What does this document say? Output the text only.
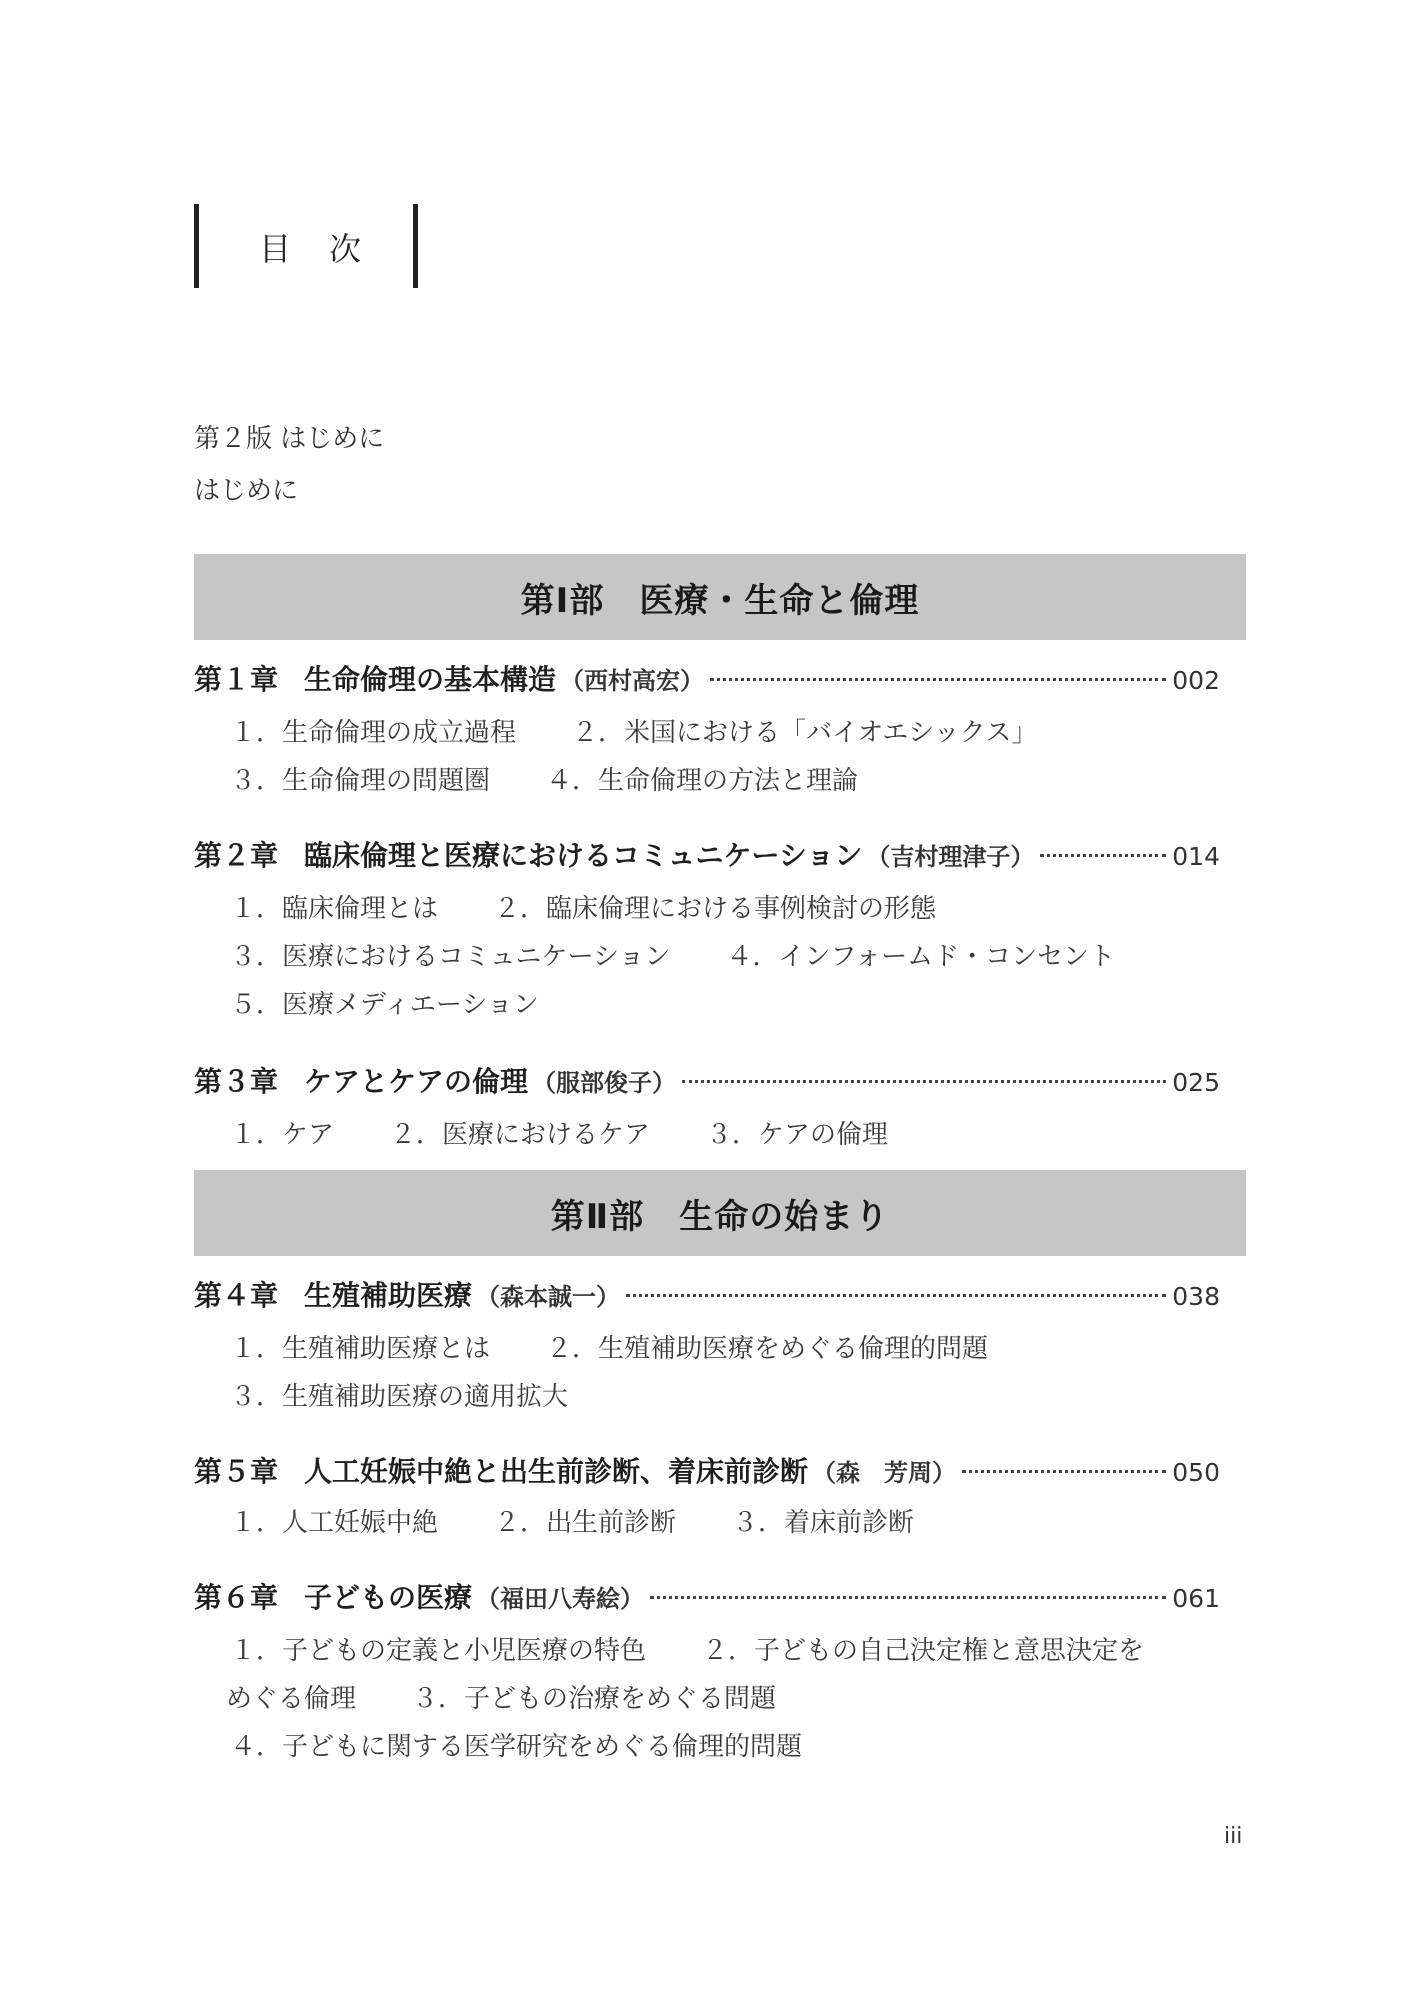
目 次
第２版 はじめに
はじめに
第Ⅰ部　医療・生命と倫理
第１章 生命倫理の基本構造 （西村高宏）	002
１．生命倫理の成立過程 ２．米国における「バイオエシックス」
３．生命倫理の問題圏 ４．生命倫理の方法と理論
第２章 臨床倫理と医療におけるコミュニケーション （吉村理津子）	014
１．臨床倫理とは ２．臨床倫理における事例検討の形態
３．医療におけるコミュニケーション ４．インフォームド・コンセント
５．医療メディエーション
第３章 ケアとケアの倫理 （服部俊子）	025
１．ケア ２．医療におけるケア ３．ケアの倫理
第Ⅱ部　生命の始まり
第４章 生殖補助医療 （森本誠一）	038
１．生殖補助医療とは ２．生殖補助医療をめぐる倫理的問題
３．生殖補助医療の適用拡大
第５章 人工妊娠中絶と出生前診断、着床前診断 （森　芳周）	050
１．人工妊娠中絶 ２．出生前診断 ３．着床前診断
第６章 子どもの医療 （福田八寿絵）	061
１．子どもの定義と小児医療の特色 ２．子どもの自己決定権と意思決定を
めぐる倫理 ３．子どもの治療をめぐる問題
４．子どもに関する医学研究をめぐる倫理的問題
iii
